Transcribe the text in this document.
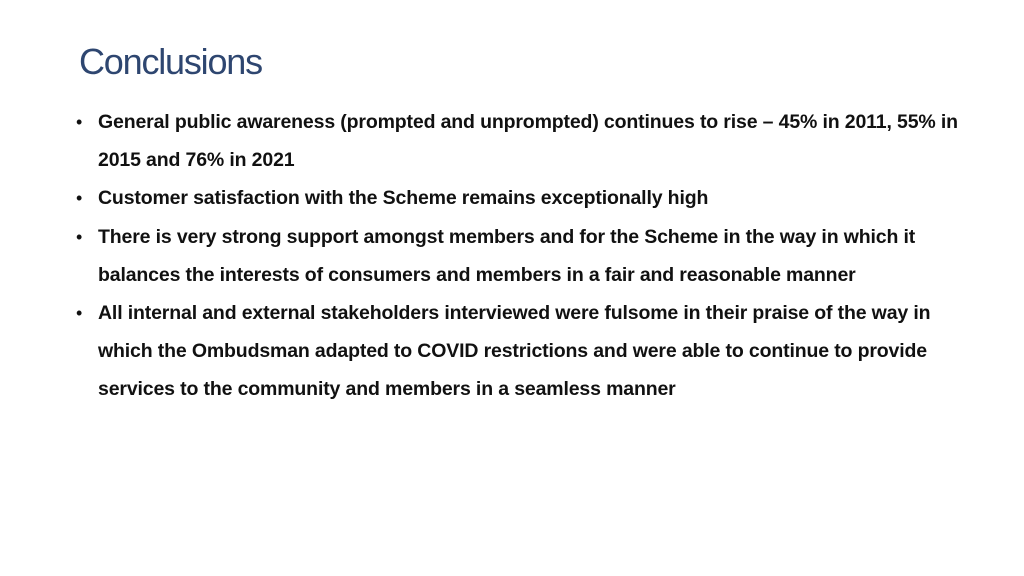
Conclusions
• General public awareness (prompted and unprompted) continues to rise – 45% in 2011, 55% in 2015 and 76% in 2021
• Customer satisfaction with the Scheme remains exceptionally high
• There is very strong support amongst members and for the Scheme in the way in which it balances the interests of consumers and members in a fair and reasonable manner
• All internal and external stakeholders interviewed were fulsome in their praise of the way in which the Ombudsman adapted to COVID restrictions and were able to continue to provide services to the community and members in a seamless manner
